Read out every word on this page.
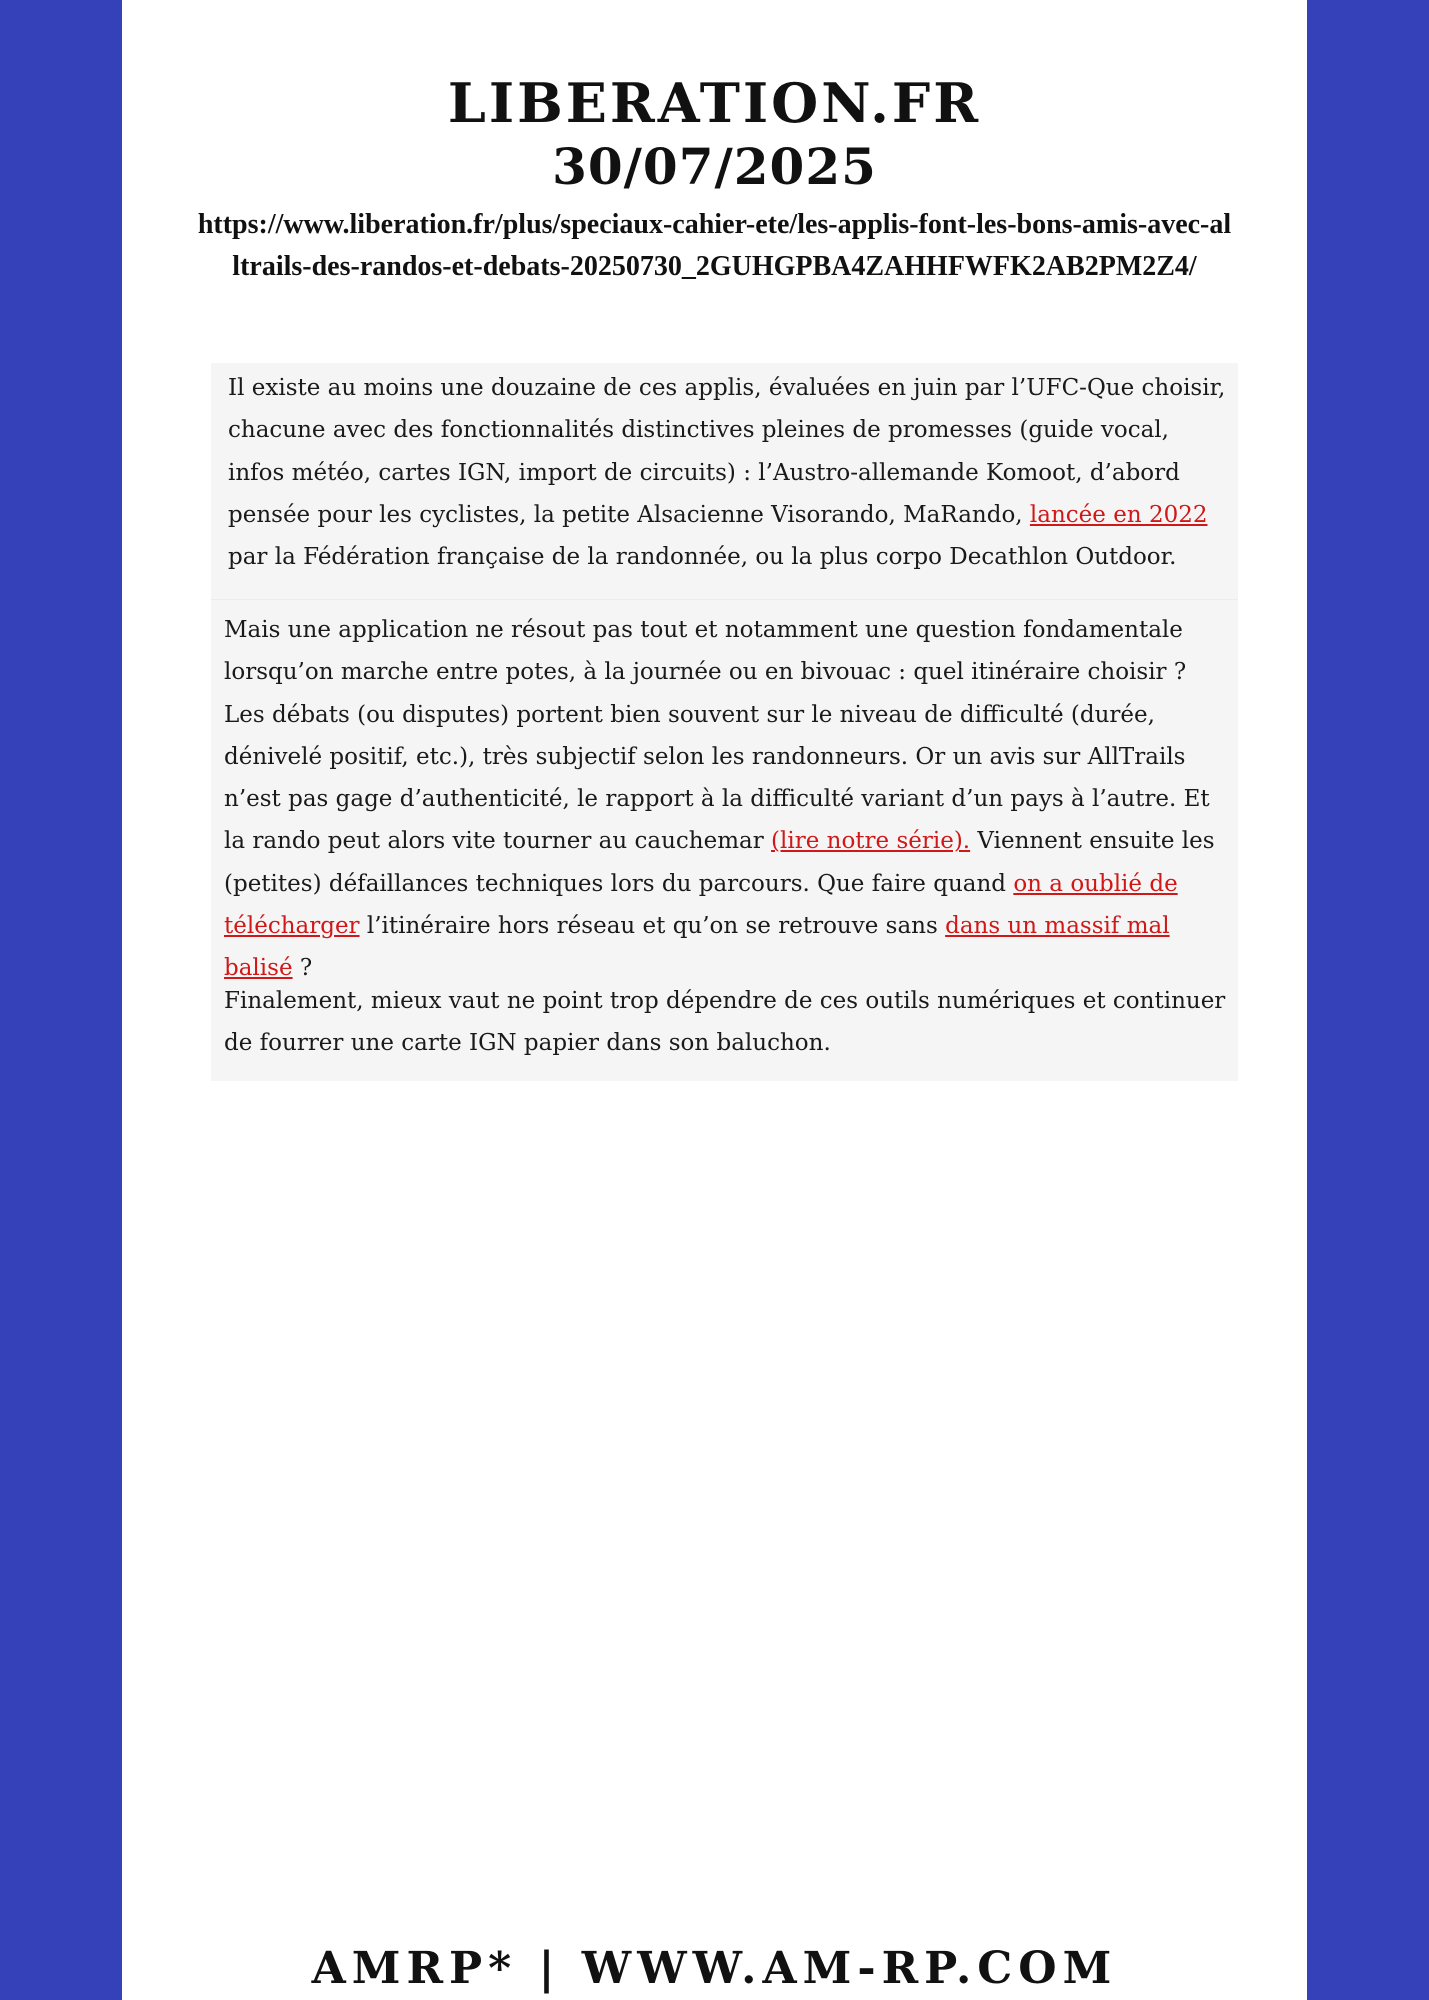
LIBERATION.FR
30/07/2025
https://www.liberation.fr/plus/speciaux-cahier-ete/les-applis-font-les-bons-amis-avec-alltrails-des-randos-et-debats-20250730_2GUHGPBA4ZAHHFWFK2AB2PM2Z4/

Il existe au moins une douzaine de ces applis, évaluées en juin par l’UFC-Que choisir, chacune avec des fonctionnalités distinctives pleines de promesses (guide vocal, infos météo, cartes IGN, import de circuits) : l’Austro-allemande Komoot, d’abord pensée pour les cyclistes, la petite Alsacienne Visorando, MaRando, lancée en 2022 par la Fédération française de la randonnée, ou la plus corpo Decathlon Outdoor.

Mais une application ne résout pas tout et notamment une question fondamentale lorsqu’on marche entre potes, à la journée ou en bivouac : quel itinéraire choisir ? Les débats (ou disputes) portent bien souvent sur le niveau de difficulté (durée, dénivelé positif, etc.), très subjectif selon les randonneurs. Or un avis sur AllTrails n’est pas gage d’authenticité, le rapport à la difficulté variant d’un pays à l’autre. Et la rando peut alors vite tourner au cauchemar (lire notre série). Viennent ensuite les (petites) défaillances techniques lors du parcours. Que faire quand on a oublié de télécharger l’itinéraire hors réseau et qu’on se retrouve sans dans un massif mal balisé ?

Finalement, mieux vaut ne point trop dépendre de ces outils numériques et continuer de fourrer une carte IGN papier dans son baluchon.

AMRP* | WWW.AM-RP.COM
